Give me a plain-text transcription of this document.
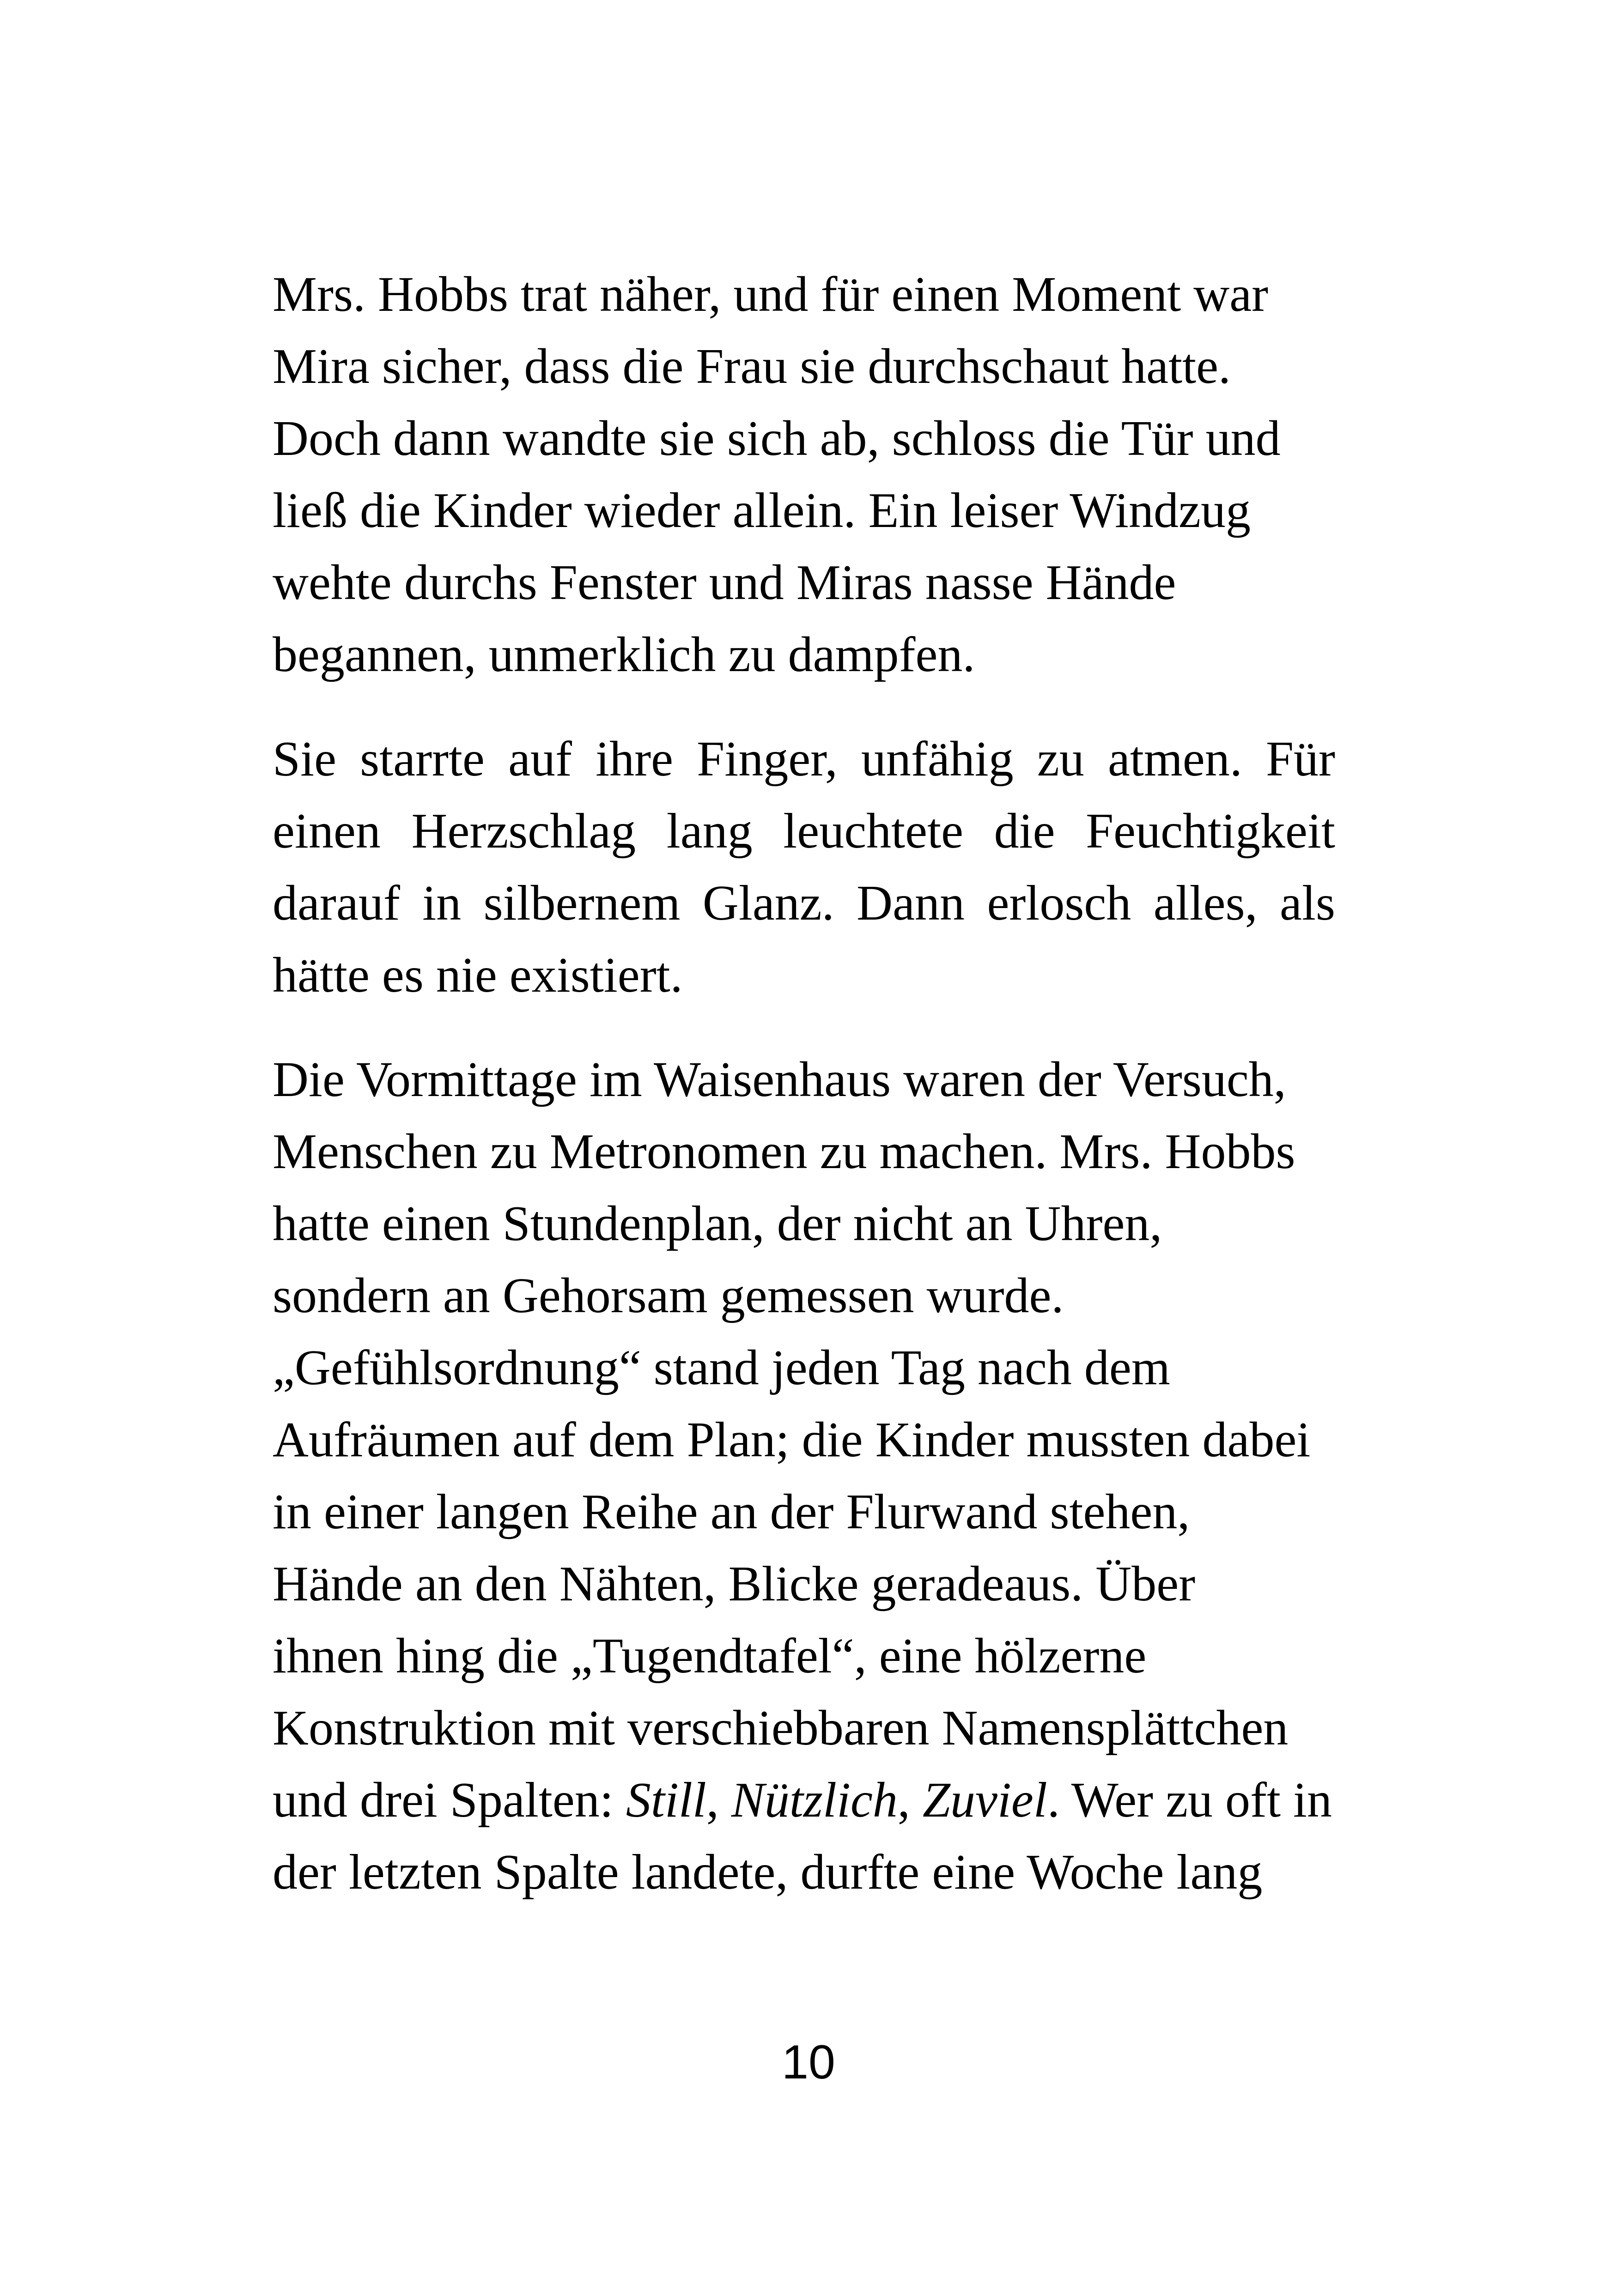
Mrs. Hobbs trat näher, und für einen Moment war
Mira sicher, dass die Frau sie durchschaut hatte.
Doch dann wandte sie sich ab, schloss die Tür und
ließ die Kinder wieder allein. Ein leiser Windzug
wehte durchs Fenster und Miras nasse Hände
begannen, unmerklich zu dampfen.

Sie starrte auf ihre Finger, unfähig zu atmen. Für
einen Herzschlag lang leuchtete die Feuchtigkeit
darauf in silbernem Glanz. Dann erlosch alles, als
hätte es nie existiert.

Die Vormittage im Waisenhaus waren der Versuch,
Menschen zu Metronomen zu machen. Mrs. Hobbs
hatte einen Stundenplan, der nicht an Uhren,
sondern an Gehorsam gemessen wurde.
„Gefühlsordnung“ stand jeden Tag nach dem
Aufräumen auf dem Plan; die Kinder mussten dabei
in einer langen Reihe an der Flurwand stehen,
Hände an den Nähten, Blicke geradeaus. Über
ihnen hing die „Tugendtafel“, eine hölzerne
Konstruktion mit verschiebbaren Namensplättchen
und drei Spalten: Still, Nützlich, Zuviel. Wer zu oft in
der letzten Spalte landete, durfte eine Woche lang

10
